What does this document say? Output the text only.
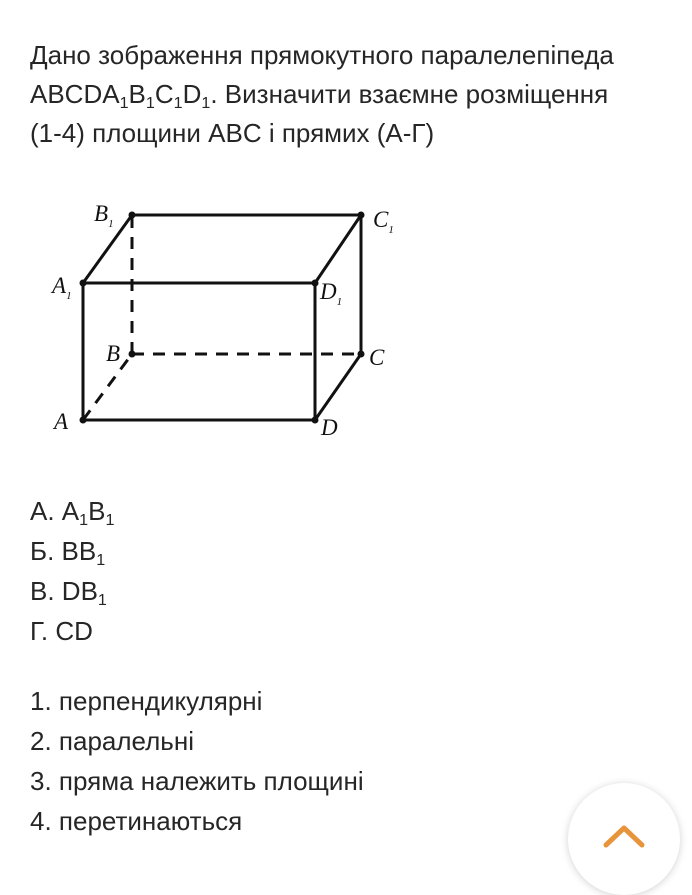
Дано зображення прямокутного паралелепіпеда
$ABCDA_1B_1C_1D_1$. Визначити взаємне розміщення
(1-4) площини ABC і прямих (А-Г)

$B_1$	$C_1$
$A_1$	$D_1$
B	C
A	D
А. $A_1B_1$
Б. $BB_1$
В. $DB_1$
Г. CD
1. перпендикулярні
2. паралельні
3. пряма належить площині
4. перетинаються
